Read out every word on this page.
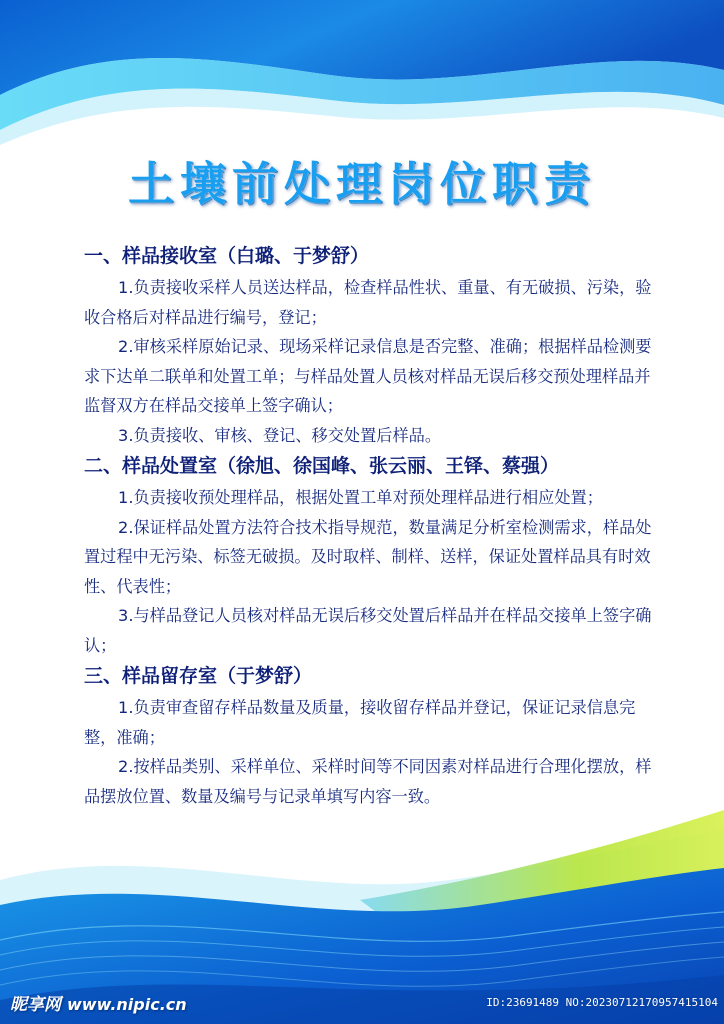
土壤前处理岗位职责

一、样品接收室（白璐、于梦舒）

1.负责接收采样人员送达样品，检查样品性状、重量、有无破损、污染，验收合格后对样品进行编号，登记；

2.审核采样原始记录、现场采样记录信息是否完整、准确；根据样品检测要求下达单二联单和处置工单；与样品处置人员核对样品无误后移交预处理样品并监督双方在样品交接单上签字确认；

3.负责接收、审核、登记、移交处置后样品。

二、样品处置室（徐旭、徐国峰、张云丽、王铎、蔡强）

1.负责接收预处理样品，根据处置工单对预处理样品进行相应处置；

2.保证样品处置方法符合技术指导规范，数量满足分析室检测需求，样品处置过程中无污染、标签无破损。及时取样、制样、送样，保证处置样品具有时效性、代表性；

3.与样品登记人员核对样品无误后移交处置后样品并在样品交接单上签字确认；

三、样品留存室（于梦舒）

1.负责审查留存样品数量及质量，接收留存样品并登记，保证记录信息完整，准确；

2.按样品类别、采样单位、采样时间等不同因素对样品进行合理化摆放，样品摆放位置、数量及编号与记录单填写内容一致。

昵享网 www.nipic.cn	ID:23691489 NO:20230712170957415104
